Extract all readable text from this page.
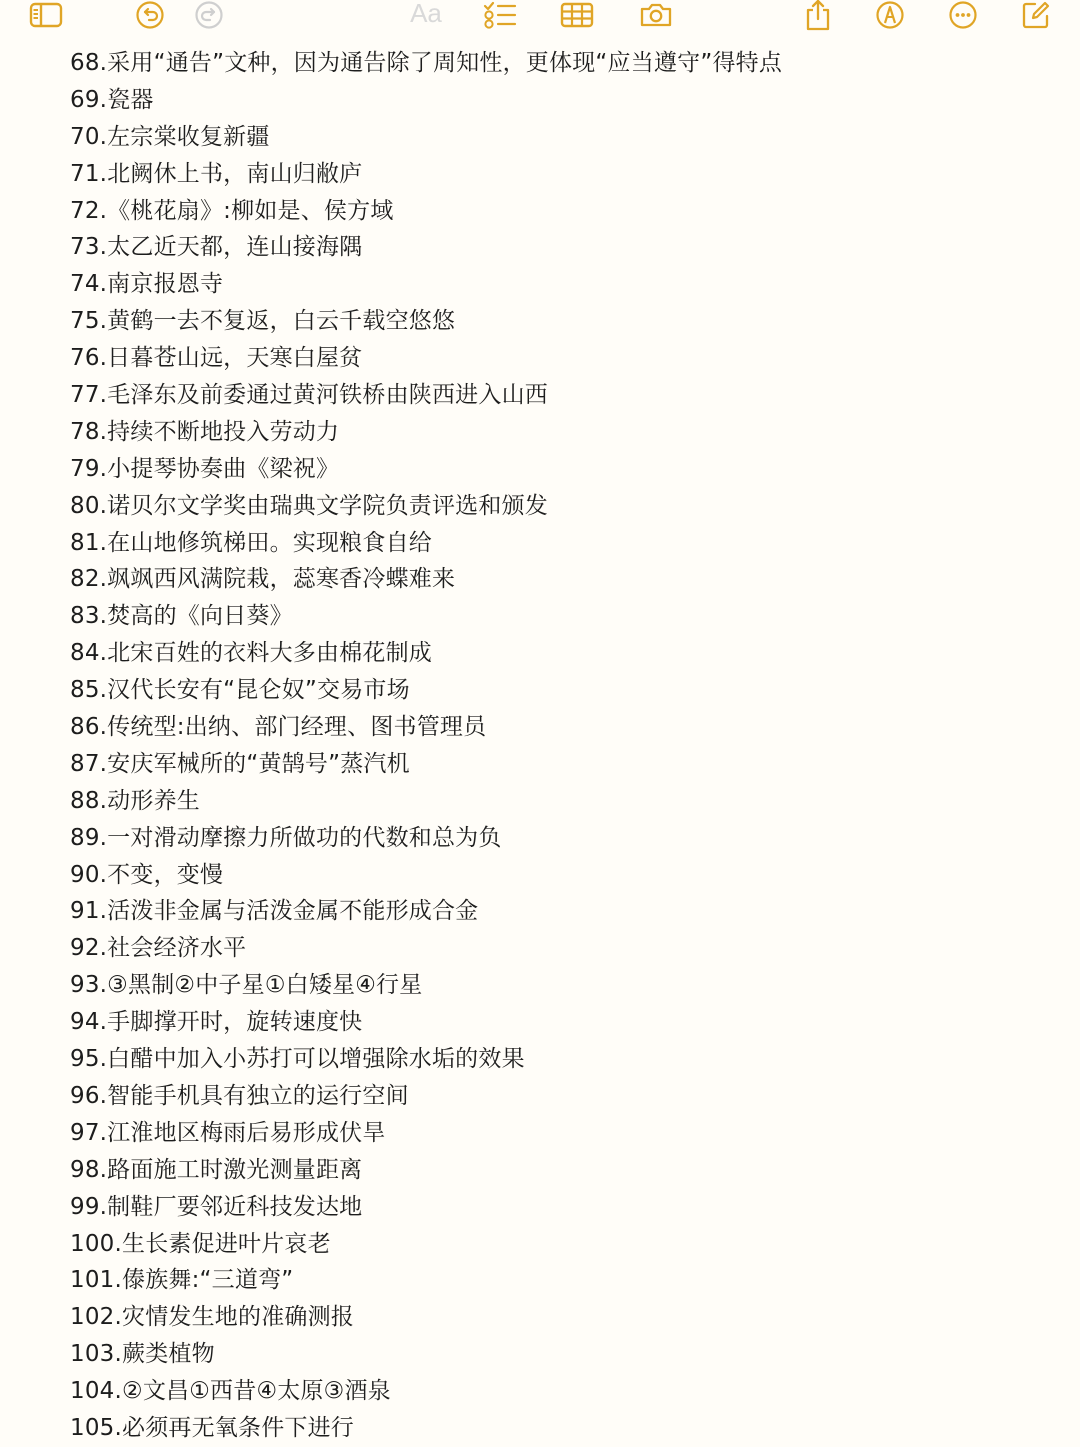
Aa
68.采用“通告”文种，因为通告除了周知性，更体现“应当遵守”得特点
69.瓷器
70.左宗棠收复新疆
71.北阙休上书，南山归敝庐
72.《桃花扇》:柳如是、侯方域
73.太乙近天都，连山接海隅
74.南京报恩寺
75.黄鹤一去不复返，白云千载空悠悠
76.日暮苍山远，天寒白屋贫
77.毛泽东及前委通过黄河铁桥由陕西进入山西
78.持续不断地投入劳动力
79.小提琴协奏曲《梁祝》
80.诺贝尔文学奖由瑞典文学院负责评选和颁发
81.在山地修筑梯田。实现粮食自给
82.飒飒西风满院栽，蕊寒香冷蝶难来
83.焚高的《向日葵》
84.北宋百姓的衣料大多由棉花制成
85.汉代长安有“昆仑奴”交易市场
86.传统型:出纳、部门经理、图书管理员
87.安庆军械所的“黄鹄号”蒸汽机
88.动形养生
89.一对滑动摩擦力所做功的代数和总为负
90.不变，变慢
91.活泼非金属与活泼金属不能形成合金
92.社会经济水平
93.③黑制②中子星①白矮星④行星
94.手脚撑开时，旋转速度快
95.白醋中加入小苏打可以增强除水垢的效果
96.智能手机具有独立的运行空间
97.江淮地区梅雨后易形成伏旱
98.路面施工时激光测量距离
99.制鞋厂要邻近科技发达地
100.生长素促进叶片哀老
101.傣族舞:“三道弯”
102.灾情发生地的准确测报
103.蕨类植物
104.②文昌①西昔④太原③酒泉
105.必须再无氧条件下进行
